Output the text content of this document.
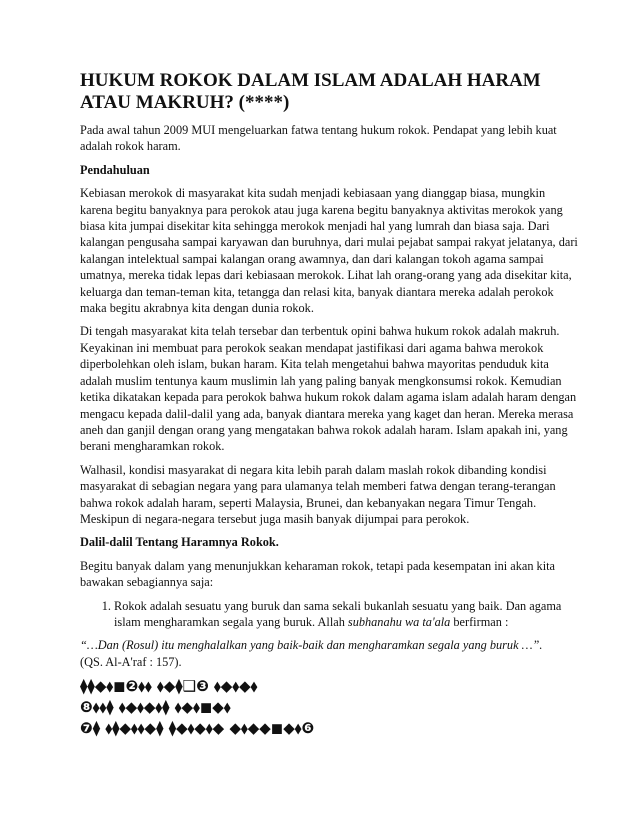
HUKUM ROKOK DALAM ISLAM ADALAH HARAM ATAU MAKRUH? (****)

Pada awal tahun 2009 MUI mengeluarkan fatwa tentang hukum rokok. Pendapat yang lebih kuat adalah rokok haram.

Pendahuluan

Kebiasan merokok di masyarakat kita sudah menjadi kebiasaan yang dianggap biasa, mungkin karena begitu banyaknya para perokok atau juga karena begitu banyaknya aktivitas merokok yang biasa kita jumpai disekitar kita sehingga merokok menjadi hal yang lumrah dan biasa saja. Dari kalangan pengusaha sampai karyawan dan buruhnya, dari mulai pejabat sampai rakyat jelatanya, dari kalangan intelektual sampai kalangan orang awamnya, dan dari kalangan tokoh agama sampai umatnya, mereka tidak lepas dari kebiasaan merokok. Lihat lah orang-orang yang ada disekitar kita, keluarga dan teman-teman kita, tetangga dan relasi kita, banyak diantara mereka adalah perokok maka begitu akrabnya kita dengan dunia rokok.

Di tengah masyarakat kita telah tersebar dan terbentuk opini bahwa hukum rokok adalah makruh. Keyakinan ini membuat para perokok seakan mendapat jastifikasi dari agama bahwa merokok diperbolehkan oleh islam, bukan haram. Kita telah mengetahui bahwa mayoritas penduduk kita adalah muslim tentunya kaum muslimin lah yang paling banyak mengkonsumsi rokok. Kemudian ketika dikatakan kepada para perokok bahwa hukum rokok dalam agama islam adalah haram dengan mengacu kepada dalil-dalil yang ada, banyak diantara mereka yang kaget dan heran. Mereka merasa aneh dan ganjil dengan orang yang mengatakan bahwa rokok adalah haram. Islam apakah ini, yang berani mengharamkan rokok.

Walhasil, kondisi masyarakat di negara kita lebih parah dalam maslah rokok dibanding kondisi masyarakat di sebagian negara yang para ulamanya telah memberi fatwa dengan terang-terangan bahwa rokok adalah haram, seperti Malaysia, Brunei, dan kebanyakan negara Timur Tengah. Meskipun di negara-negara tersebut juga masih banyak dijumpai para perokok.

Dalil-dalil Tentang Haramnya Rokok.

Begitu banyak dalam yang menunjukkan keharaman rokok, tetapi pada kesempatan ini akan kita bawakan sebagiannya saja:

1. Rokok adalah sesuatu yang buruk dan sama sekali bukanlah sesuatu yang baik. Dan agama islam mengharamkan segala yang buruk. Allah subhanahu wa ta'ala berfirman :
“…Dan (Rosul) itu menghalalkan yang baik-baik dan mengharamkan segala yang buruk …”.
(QS. Al-A'raf : 157).
⧫⧫◆⬧◼❷⬧⬧ ⬧◆⧫❑❸ ⬧◆⬧◆⬧
❽⬧⬧⧫ ⬧◆⬧◆⬧⧫ ⬧◆⬧◼◆⬧
❼⧫ ⬧⧫◆⬧⬧◆⧫ ⧫◆⬧◆⬧◆ ◆⬧◆◆◼◆⬧❻
